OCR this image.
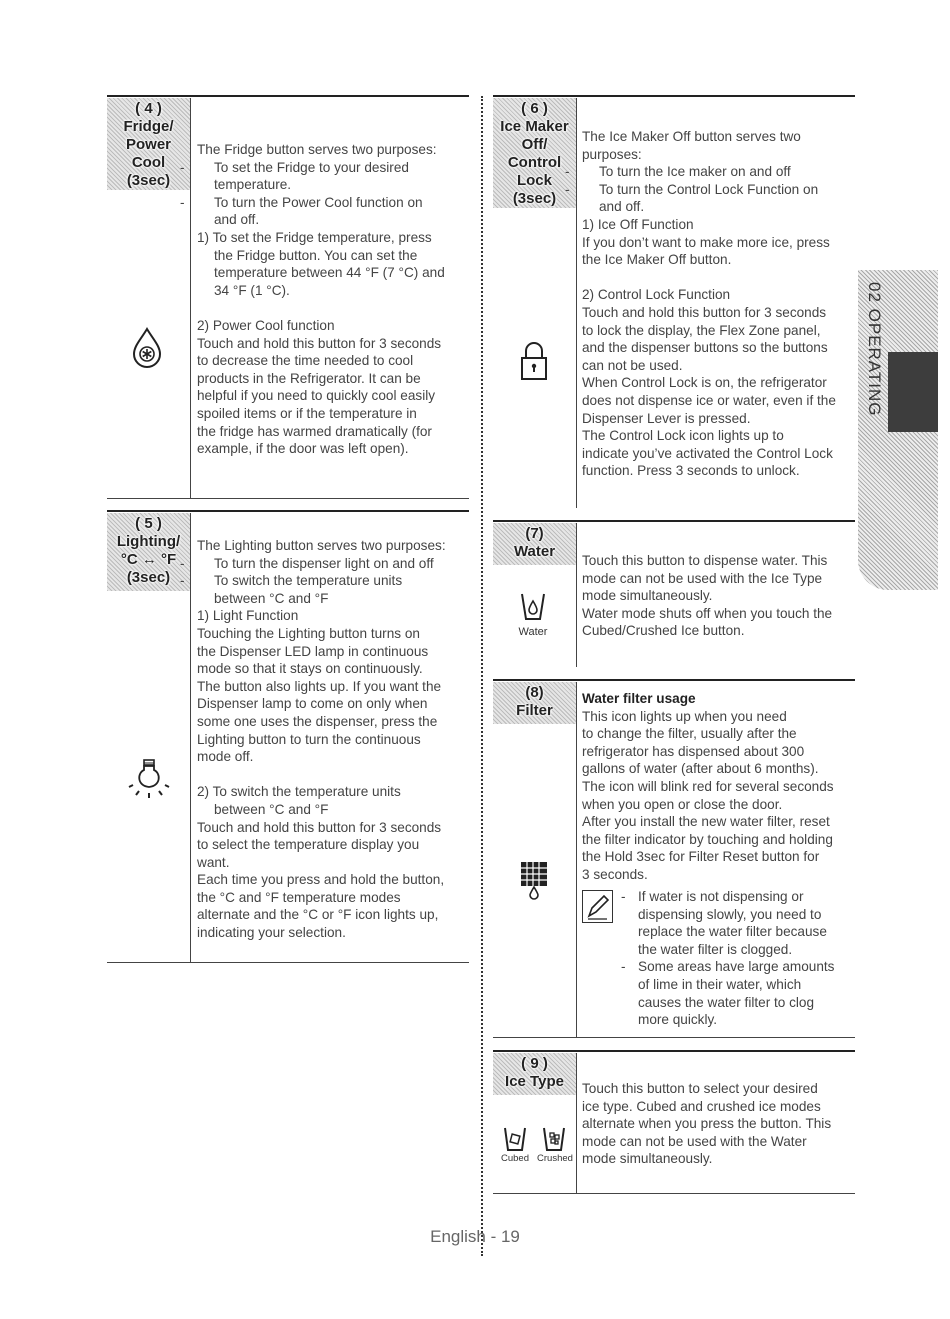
( 4 )
Fridge/
Power
Cool
(3sec)

The Fridge button serves two purposes:

- To set the Fridge to your desired

temperature.

- To turn the Power Cool function on

and off.

1) To set the Fridge temperature, press

the Fridge button. You can set the

temperature between 44 °F (7 °C) and

34 °F (1 °C).

2) Power Cool function

Touch and hold this button for 3 seconds

to decrease the time needed to cool

products in the Refrigerator. It can be

helpful if you need to quickly cool easily

spoiled items or if the temperature in

the fridge has warmed dramatically (for

example, if the door was left open).

( 5 )
Lighting/
°C ↔ °F
(3sec)

The Lighting button serves two purposes:

- To turn the dispenser light on and off

- To switch the temperature units

between °C and °F

1) Light Function

Touching the Lighting button turns on

the Dispenser LED lamp in continuous

mode so that it stays on continuously.

The button also lights up. If you want the

Dispenser lamp to come on only when

some one uses the dispenser, press the

Lighting button to turn the continuous

mode off.

2) To switch the temperature units

between °C and °F

Touch and hold this button for 3 seconds

to select the temperature display you

want.

Each time you press and hold the button,

the °C and °F temperature modes

alternate and the °C or °F icon lights up,

indicating your selection.

( 6 )
Ice Maker
Off/
Control
Lock
(3sec)

The Ice Maker Off button serves two

purposes:

- To turn the Ice maker on and off

- To turn the Control Lock Function on

and off.

1) Ice Off Function

If you don’t want to make more ice, press

the Ice Maker Off button.

2) Control Lock Function

Touch and hold this button for 3 seconds

to lock the display, the Flex Zone panel,

and the dispenser buttons so the buttons

can not be used.

When Control Lock is on, the refrigerator

does not dispense ice or water, even if the

Dispenser Lever is pressed.

The Control Lock icon lights up to

indicate you’ve activated the Control Lock

function. Press 3 seconds to unlock.

(7)
Water
Water

Touch this button to dispense water. This

mode can not be used with the Ice Type

mode simultaneously.

Water mode shuts off when you touch the

Cubed/Crushed Ice button.

(8)
Filter

Water filter usage

This icon lights up when you need

to change the filter, usually after the

refrigerator has dispensed about 300

gallons of water (after about 6 months).

The icon will blink red for several seconds

when you open or close the door.

After you install the new water filter, reset

the filter indicator by touching and holding

the Hold 3sec for Filter Reset button for

3 seconds.

- If water is not dispensing or

dispensing slowly, you need to

replace the water filter because

the water filter is clogged.

- Some areas have large amounts

of lime in their water, which

causes the water filter to clog

more quickly.

( 9 )
Ice Type
Cubed Crushed

Touch this button to select your desired

ice type. Cubed and crushed ice modes

alternate when you press the button. This

mode can not be used with the Water

mode simultaneously.

02 OPERATING
English - 19
